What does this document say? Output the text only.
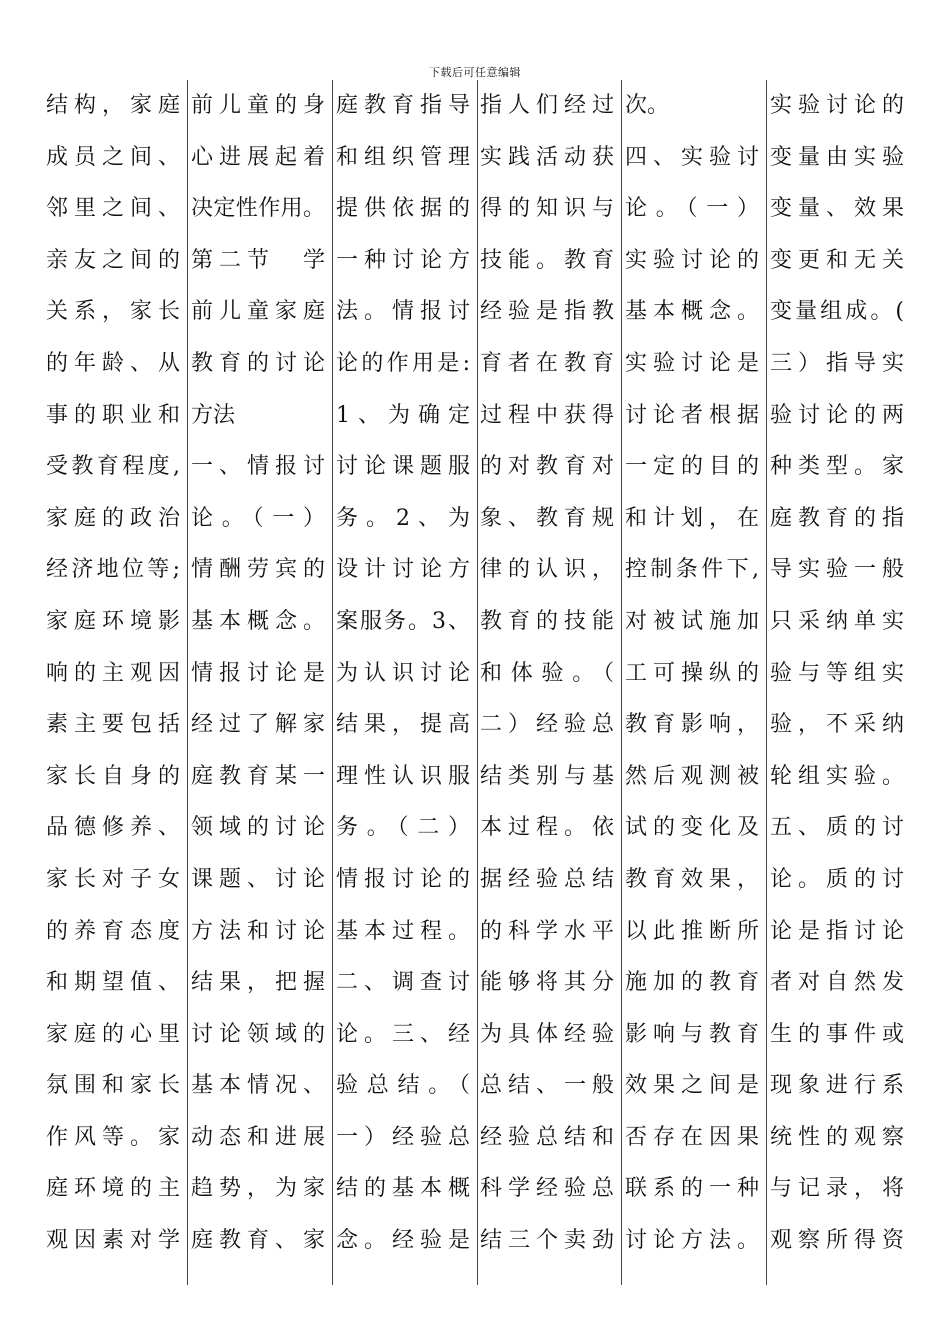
下载后可任意编辑
结构，家庭
成员之间、
邻里之间、
亲友之间的
关系，家长
的年龄、从
事的职业和
受教育程度,
家庭的政治
经济地位等;
家庭环境影
响的主观因
素主要包括
家长自身的
品德修养、
家长对子女
的养育态度
和期望值、
家庭的心里
氛围和家长
作风等。家
庭环境的主
观因素对学
前儿童的身
心进展起着
决定性作用。
第二节　学
前儿童家庭
教育的讨论
方法
一、情报讨
论。（一）
情酬劳宾的
基本概念。
情报讨论是
经过了解家
庭教育某一
领域的讨论
课题、讨论
方法和讨论
结果，把握
讨论领域的
基本情况、
动态和进展
趋势，为家
庭教育、家
庭教育指导
和组织管理
提供依据的
一种讨论方
法。情报讨
论的作用是:
1、为确定
讨论课题服
务。2、为
设计讨论方
案服务。3、
为认识讨论
结果，提高
理性认识服
务。（二）
情报讨论的
基本过程。
二、调查讨
论。三、经
验总结。（
一）经验总
结的基本概
念。经验是
指人们经过
实践活动获
得的知识与
技能。教育
经验是指教
育者在教育
过程中获得
的对教育对
象、教育规
律的认识，
教育的技能
和体验。（
二）经验总
结类别与基
本过程。依
据经验总结
的科学水平
能够将其分
为具体经验
总结、一般
经验总结和
科学经验总
结三个卖劲
次。
四、实验讨
论。（一）
实验讨论的
基本概念。
实验讨论是
讨论者根据
一定的目的
和计划，在
控制条件下,
对被试施加
工可操纵的
教育影响，
然后观测被
试的变化及
教育效果，
以此推断所
施加的教育
影响与教育
效果之间是
否存在因果
联系的一种
讨论方法。
实验讨论的
变量由实验
变量、效果
变更和无关
变量组成。(
三）指导实
验讨论的两
种类型。家
庭教育的指
导实验一般
只采纳单实
验与等组实
验，不采纳
轮组实验。
五、质的讨
论。质的讨
论是指讨论
者对自然发
生的事件或
现象进行系
统性的观察
与记录，将
观察所得资
